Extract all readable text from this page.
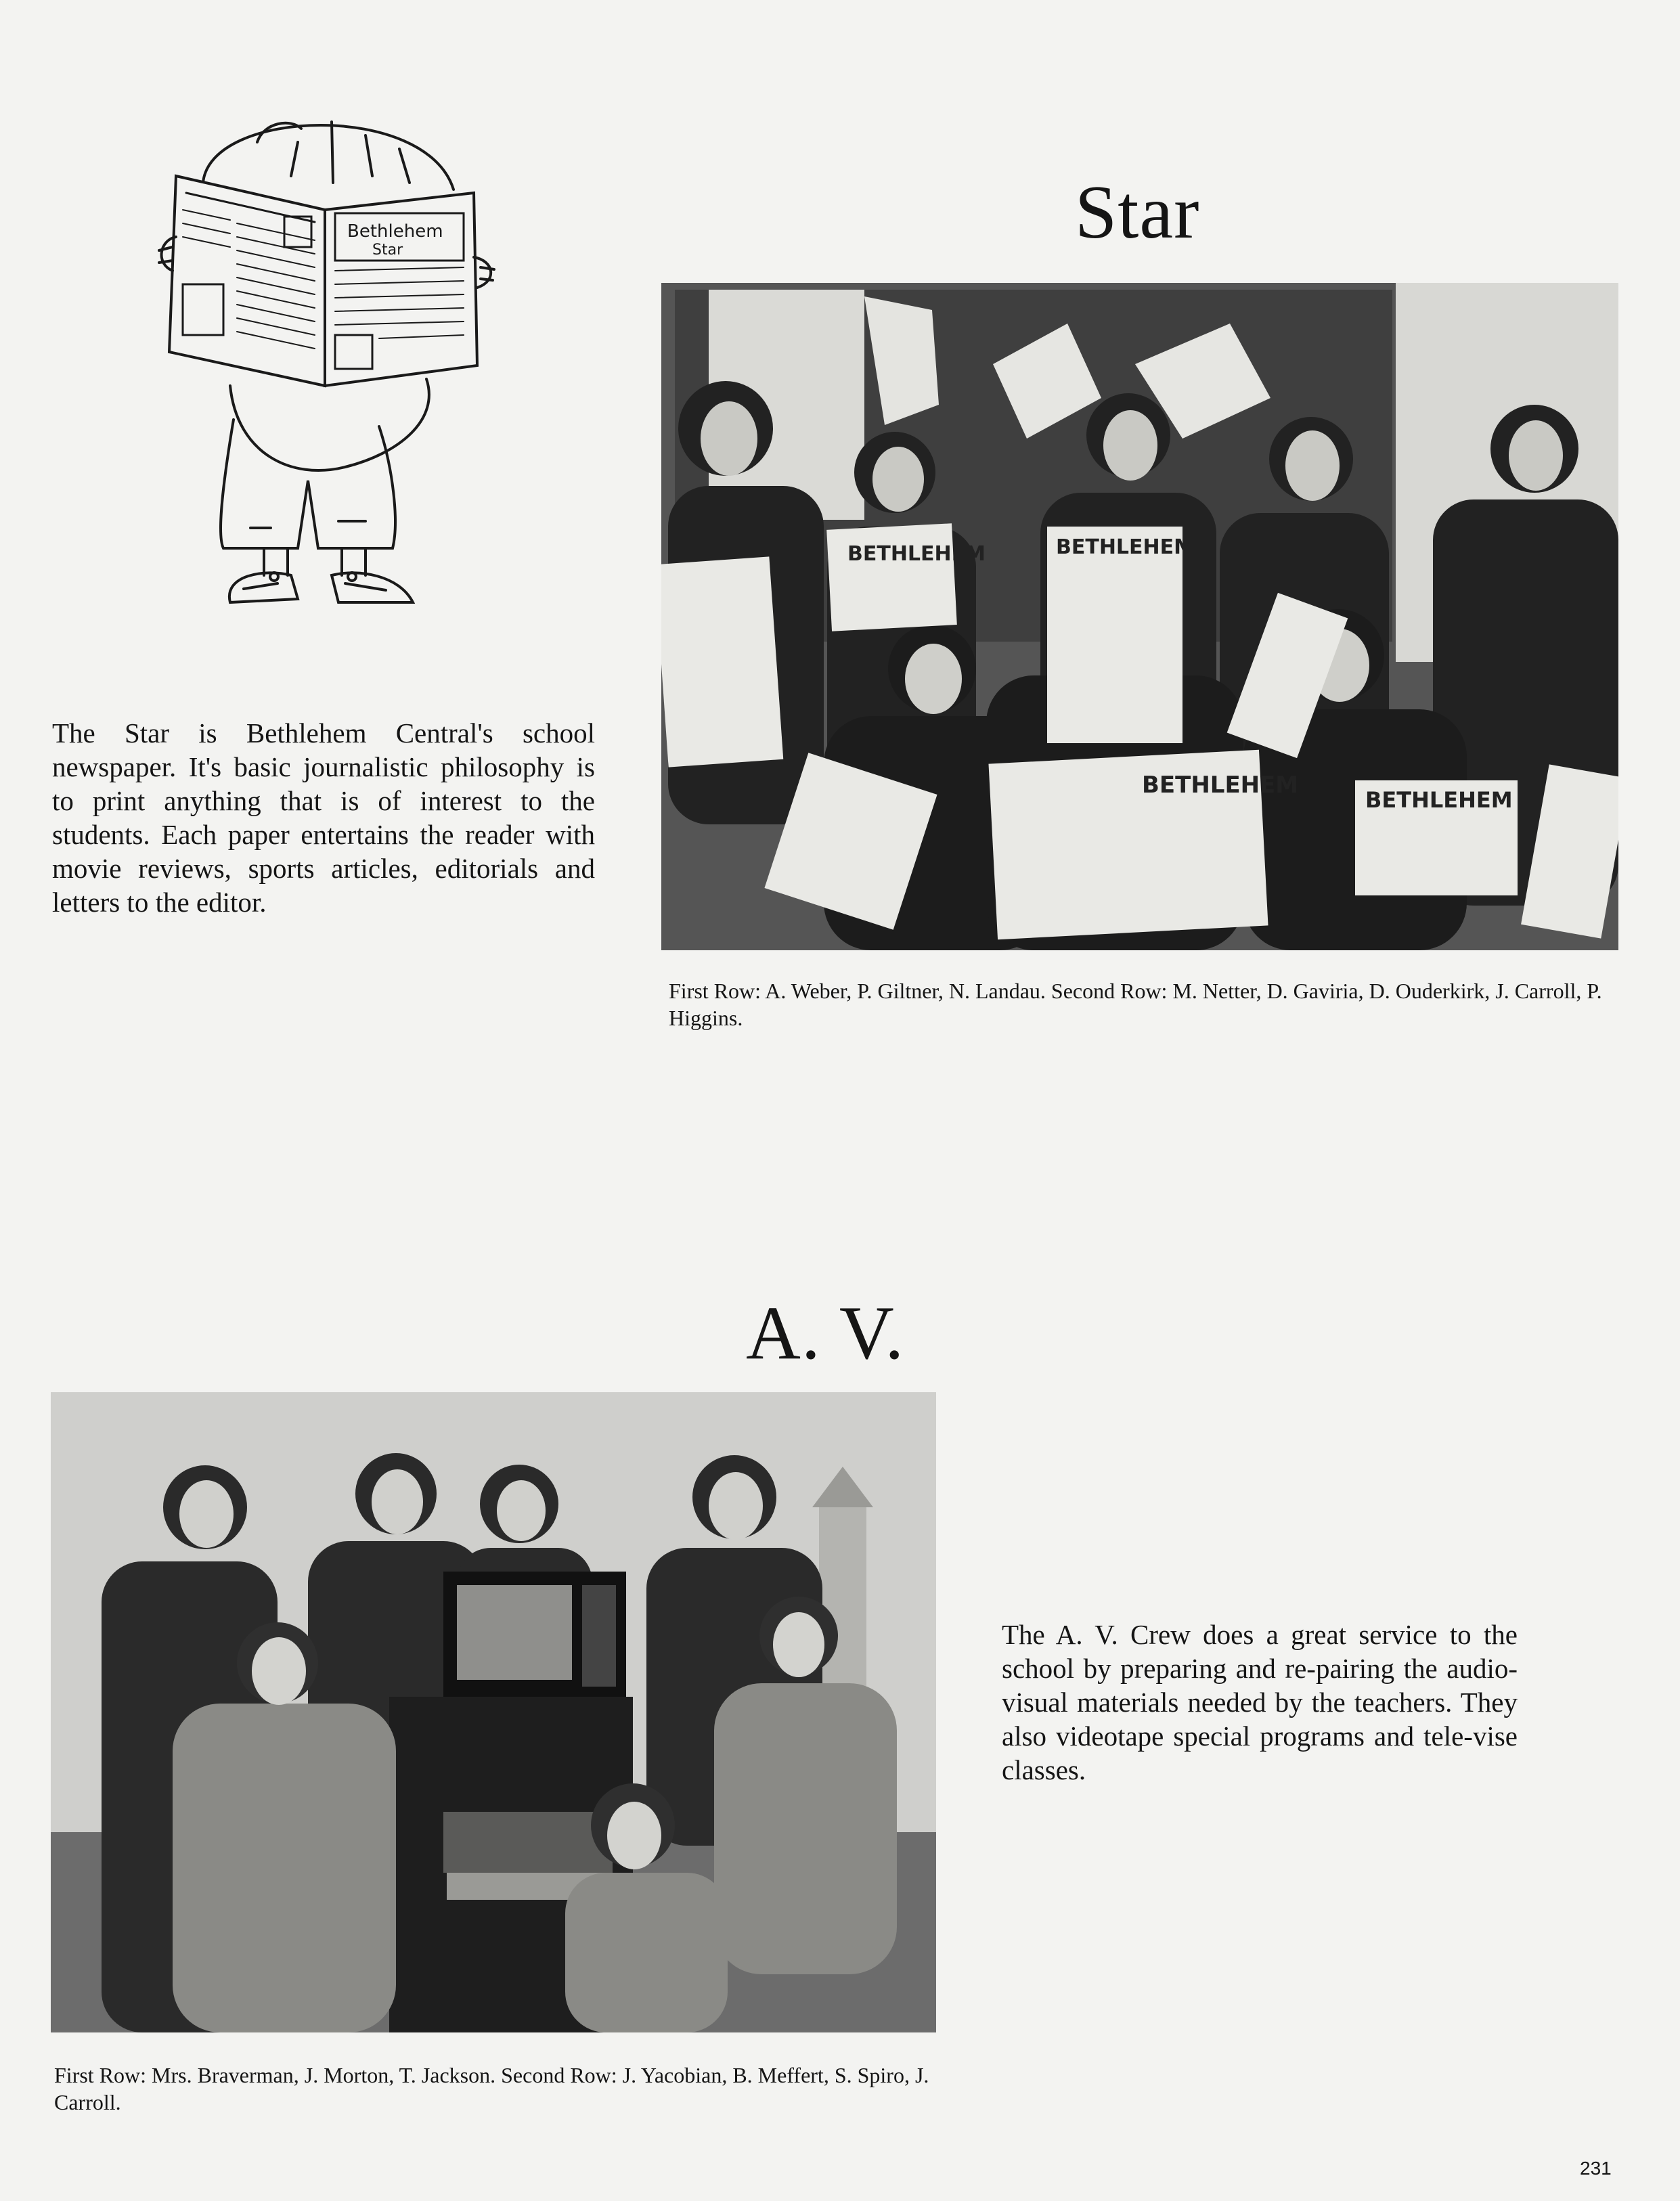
Bethlehem
Star	Star
BETHLEHEM	BETHLEHEM
BETHLEHEM
BETHLEHEM
The Star is Bethlehem Central's school newspaper. It's basic journalistic philosophy is to print anything that is of interest to the students. Each paper entertains the reader with movie reviews, sports articles, editorials and letters to the editor.
First Row: A. Weber, P. Giltner, N. Landau. Second Row: M. Netter, D. Gaviria, D. Ouderkirk, J. Carroll, P. Higgins.
A. V.
The A. V. Crew does a great service to the school by preparing and re-pairing the audio-visual materials needed by the teachers. They also videotape special programs and tele-vise classes.
First Row: Mrs. Braverman, J. Morton, T. Jackson. Second Row: J. Yacobian, B. Meffert, S. Spiro, J. Carroll.
231
